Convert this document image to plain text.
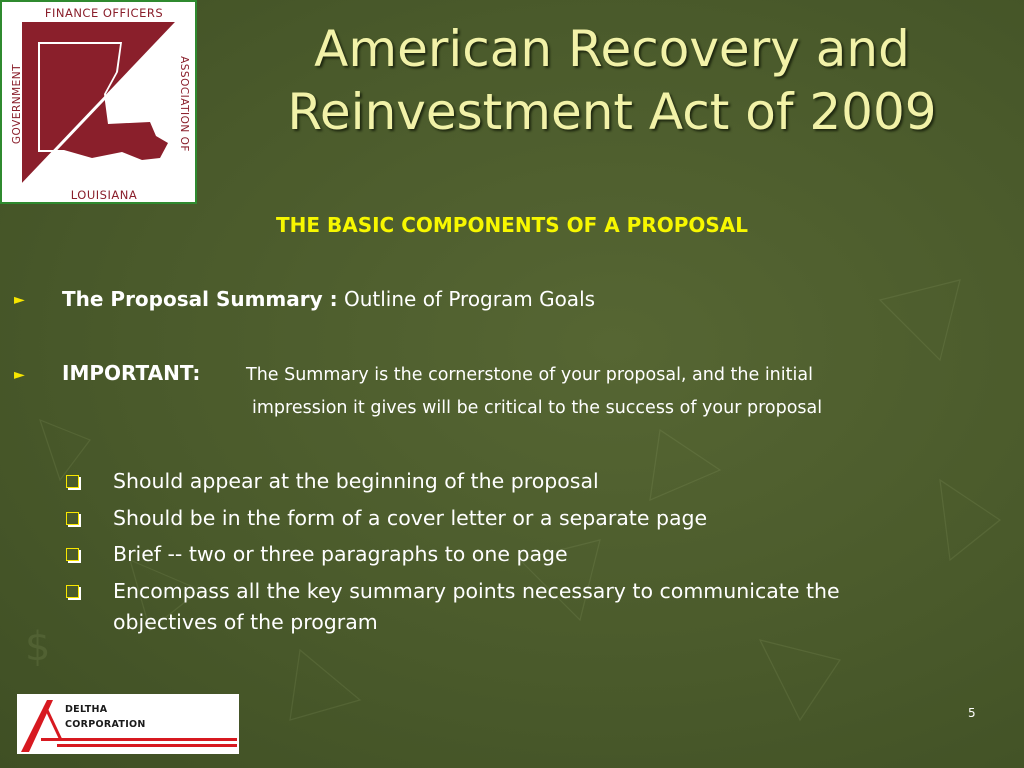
$
FINANCE OFFICERS
GOVERNMENT	ASSOCIATION OF
LOUISIANA
American Recovery and
Reinvestment Act of 2009
THE BASIC COMPONENTS OF A PROPOSAL
► The Proposal Summary : Outline of Program Goals
► IMPORTANT:	The Summary is the cornerstone of your proposal, and the initial
impression it gives will be critical to the success of your proposal
Should appear at the beginning of the proposal
Should be in the form of a cover letter or a separate page
Brief -- two or three paragraphs to one page
Encompass all the key summary points necessary to communicate the
objectives of the program
DELTHA
CORPORATION
5
